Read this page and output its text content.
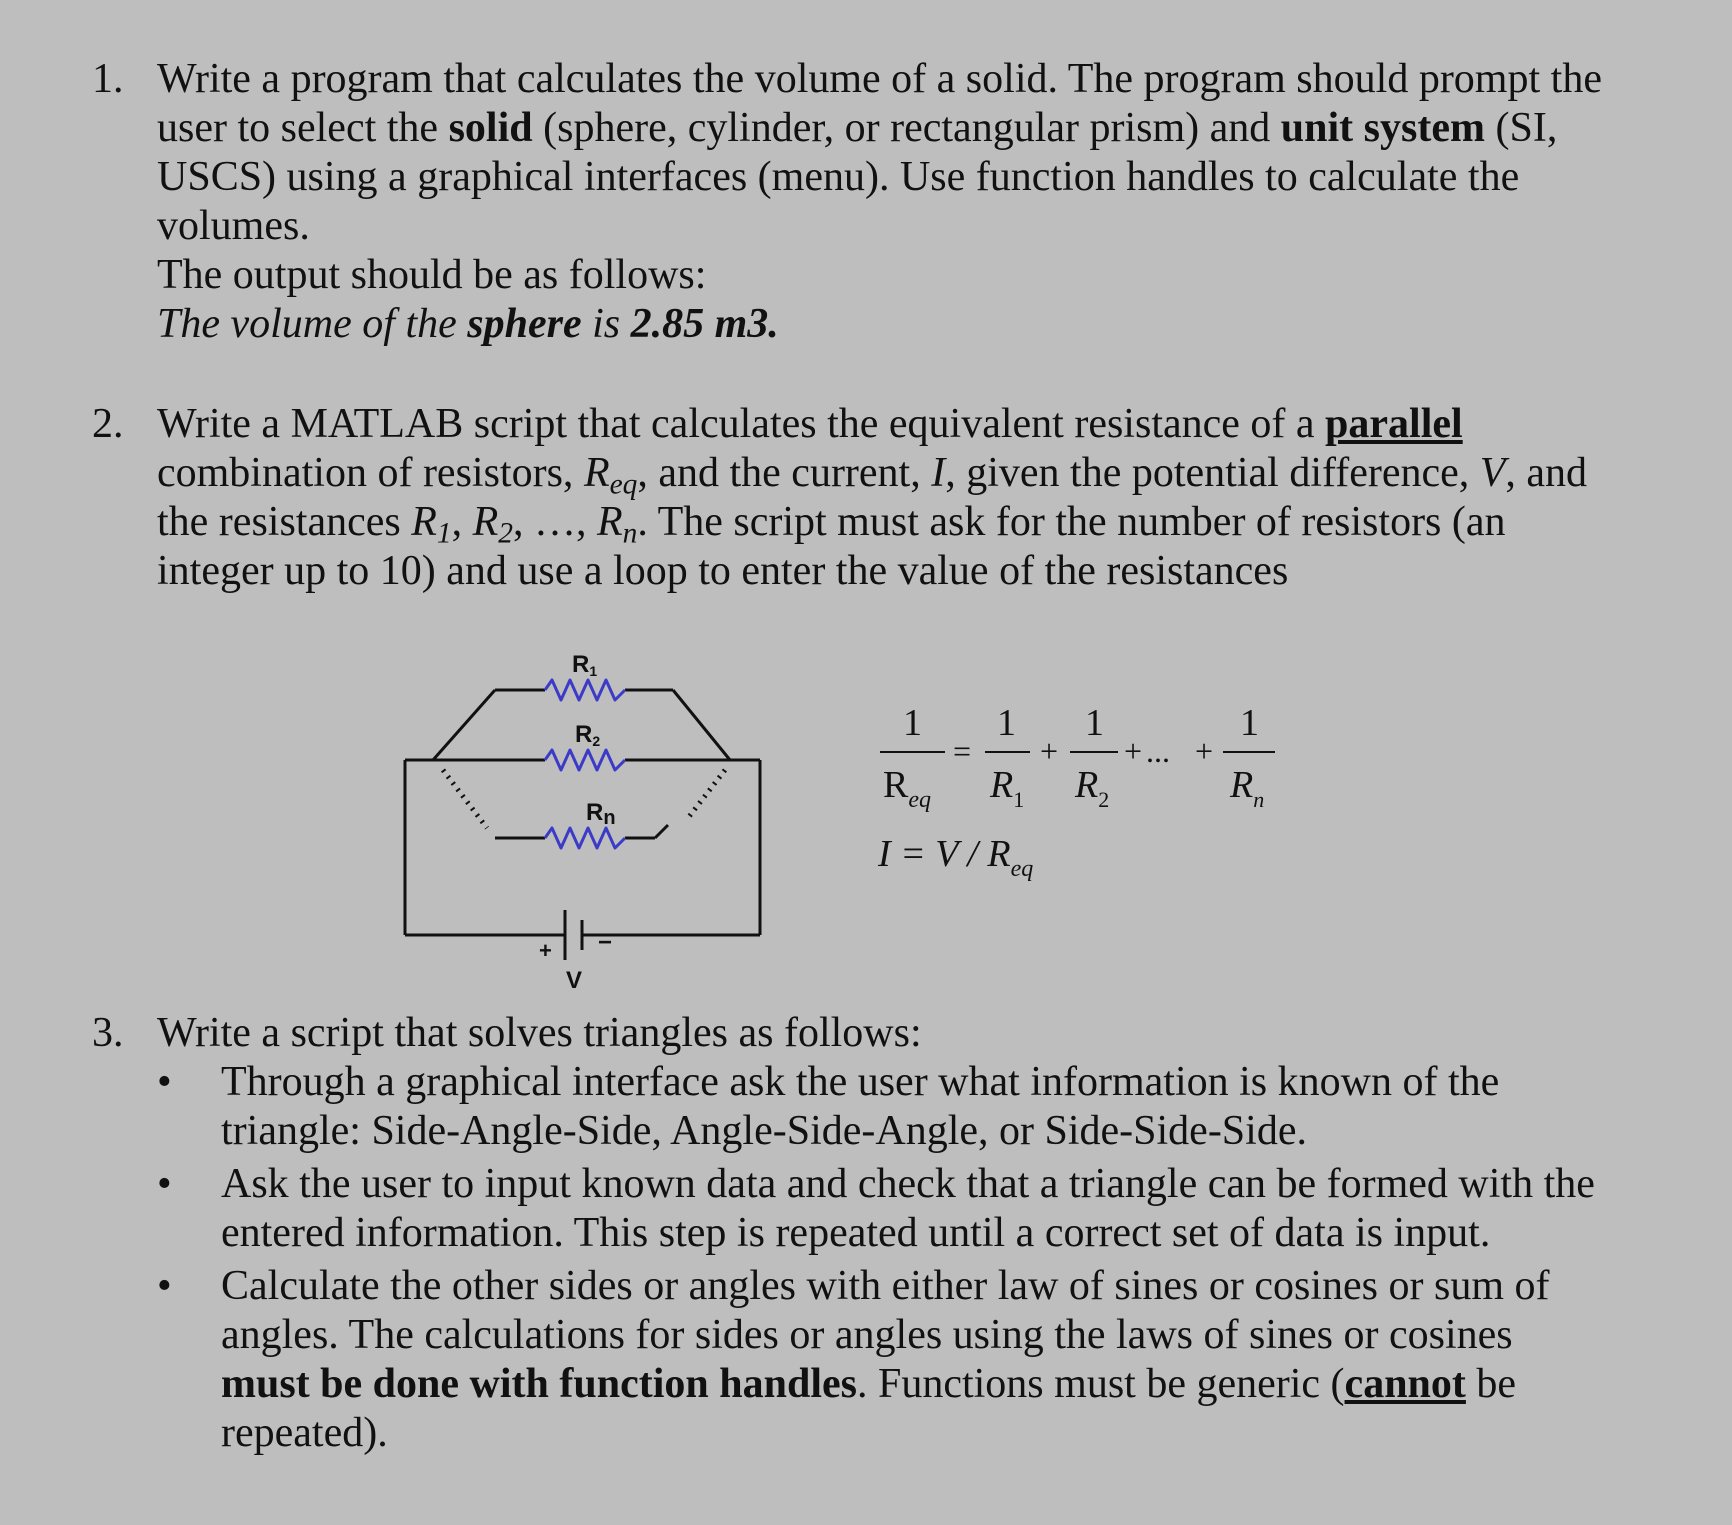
1. Write a program that calculates the volume of a solid. The program should prompt the
user to select the solid (sphere, cylinder, or rectangular prism) and unit system (SI,
USCS) using a graphical interfaces (menu). Use function handles to calculate the
volumes.
The output should be as follows:
The volume of the sphere is 2.85 m3.
2. Write a MATLAB script that calculates the equivalent resistance of a parallel
combination of resistors, $R_{eq}$, and the current, I, given the potential difference, V, and
the resistances $R_1$, $R_2$, …, $R_n$. The script must ask for the number of resistors (an
integer up to 10) and use a loop to enter the value of the resistances
R1
R2
Rn
+ −
V
1 1 1	1
= + + ... +
$R_{eq}$ $R_1$ $R_2$	$R_n$
$I = V / R_{eq}$
3. Write a script that solves triangles as follows:
• Through a graphical interface ask the user what information is known of the
triangle: Side-Angle-Side, Angle-Side-Angle, or Side-Side-Side.
• Ask the user to input known data and check that a triangle can be formed with the
entered information. This step is repeated until a correct set of data is input.
• Calculate the other sides or angles with either law of sines or cosines or sum of
angles. The calculations for sides or angles using the laws of sines or cosines
must be done with function handles. Functions must be generic (cannot be
repeated).
